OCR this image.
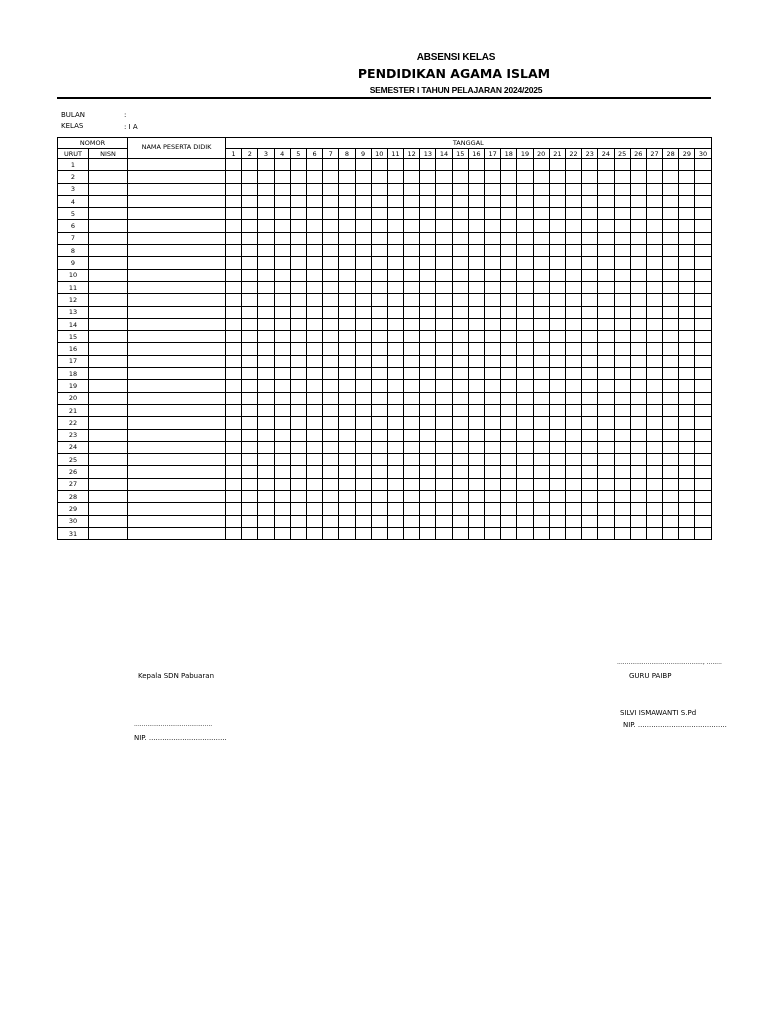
ABSENSI KELAS
PENDIDIKAN AGAMA ISLAM
SEMESTER I TAHUN PELAJARAN 2024/2025
BULAN	:
KELAS	: I A
NOMOR		NAMA PESERTA DIDIK	TANGGAL																													
URUT	NISN		1	2	3	4	5	6	7	8	9	10	11	12	13	14	15	16	17	18	19	20	21	22	23	24	25	26	27	28	29	30
1																																
2																																
3																																
4																																
5																																
6																																
7																																
8																																
9																																
10																																
11																																
12																																
13																																
14																																
15																																
16																																
17																																
18																																
19																																
20																																
21																																
22																																
23																																
24																																
25																																
26																																
27																																
28																																
29																																
30																																
31																																
............................................., ........
Kepala SDN Pabuaran	GURU PAIBP
SILVI ISMAWANTI S.Pd
.........................................	NIP. ........................................
NIP. ...................................
